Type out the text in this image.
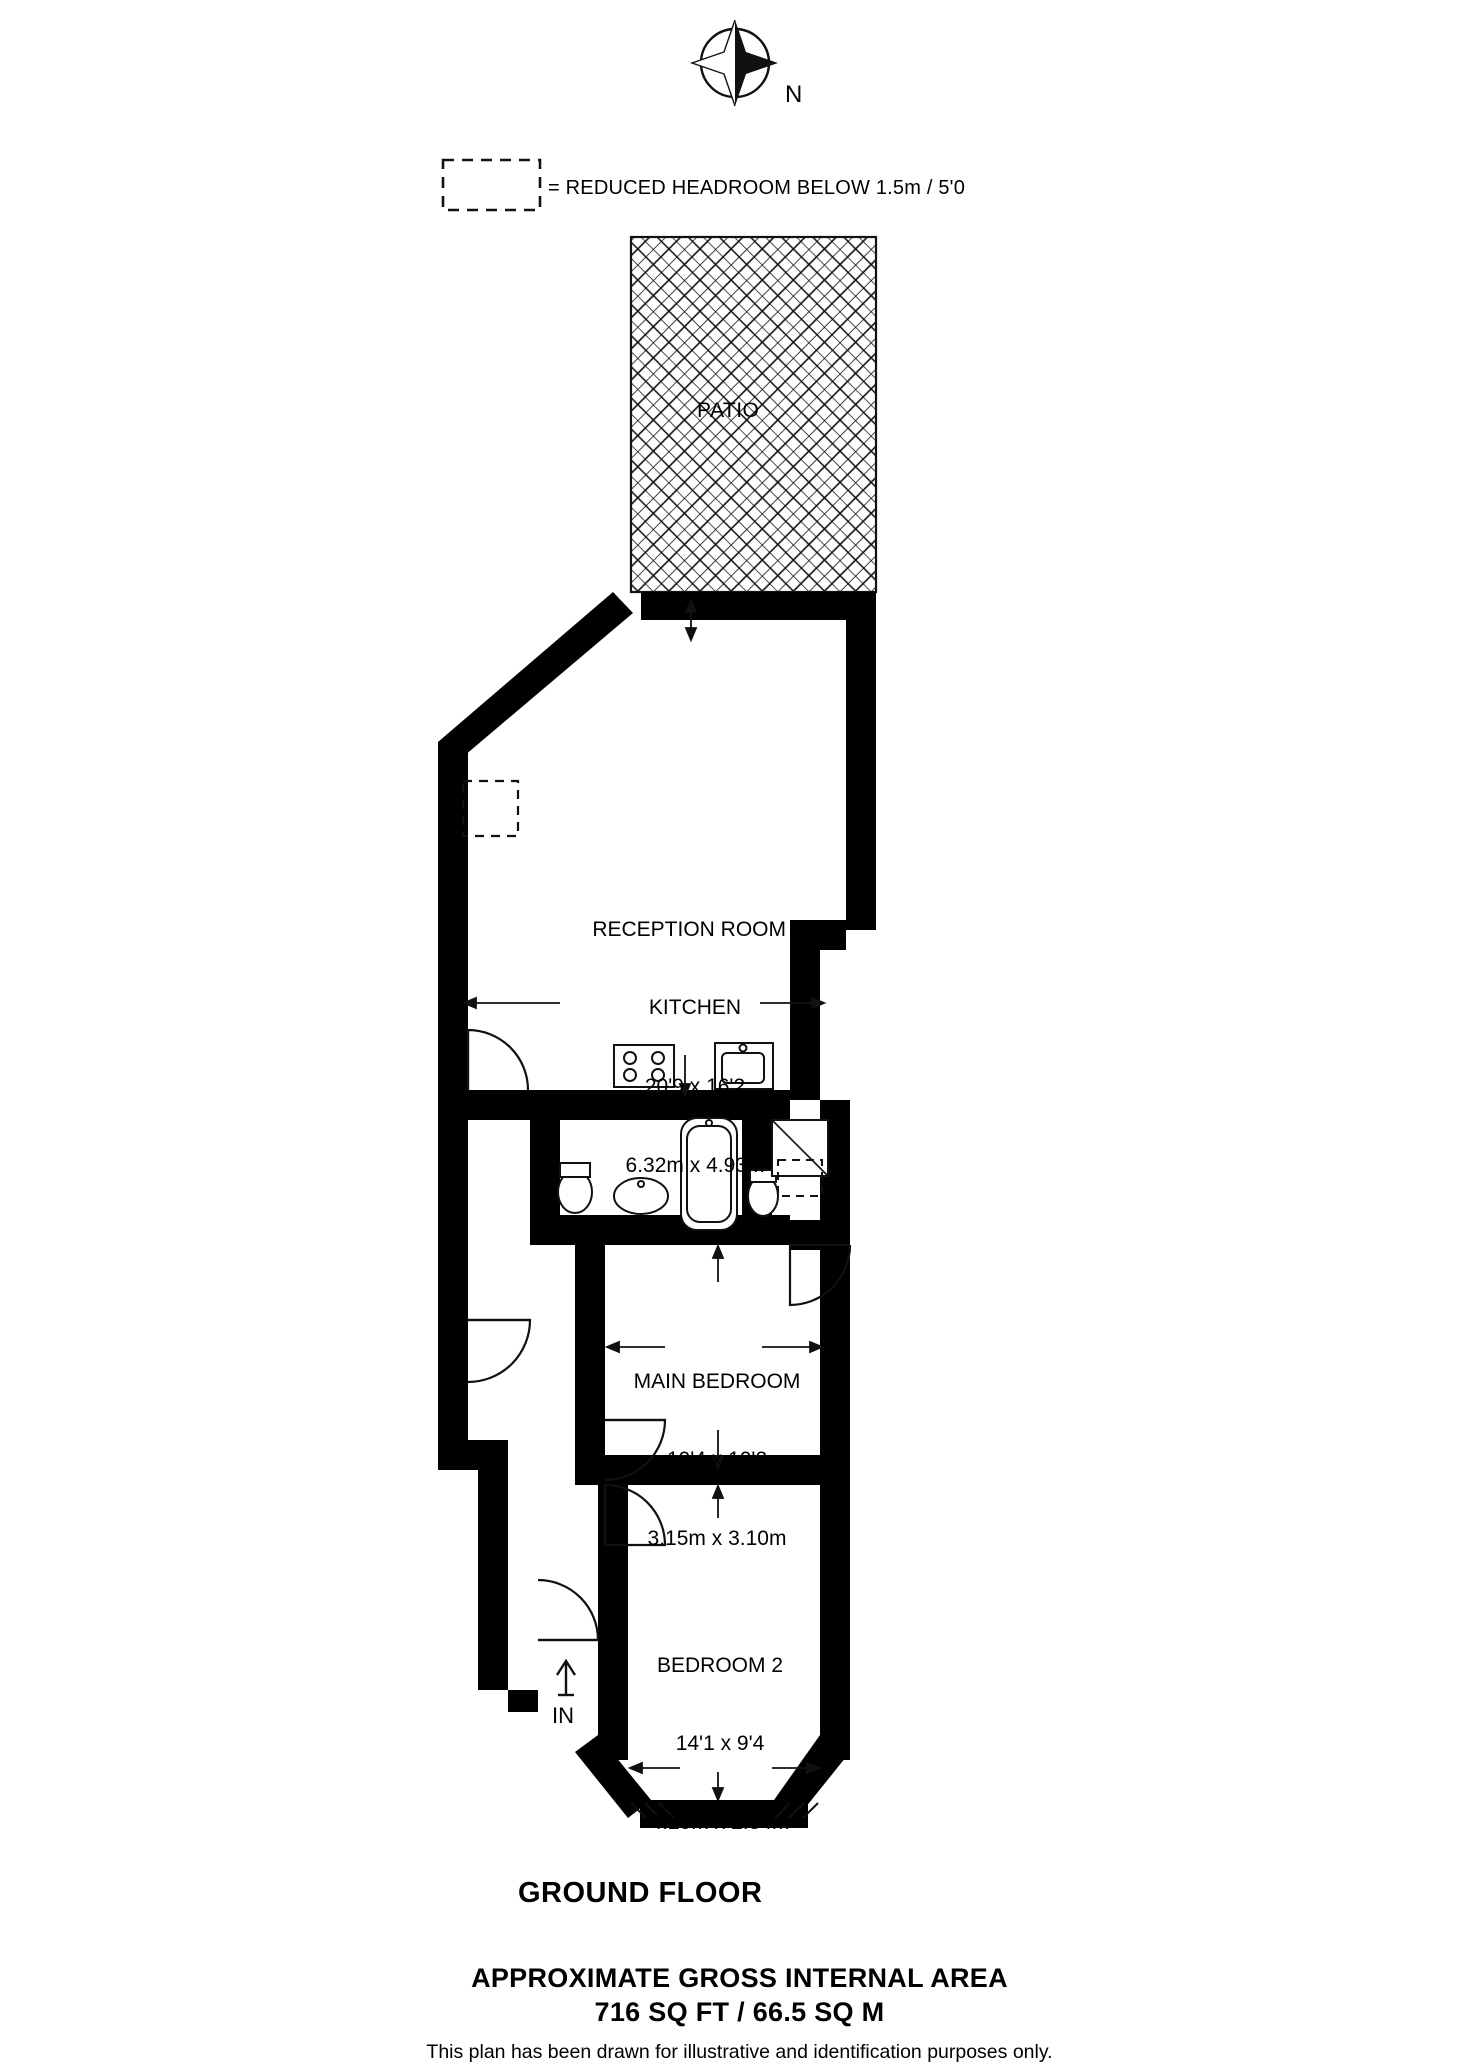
N
= REDUCED HEADROOM BELOW 1.5m / 5'0
PATIO

RECEPTION ROOM /

KITCHEN

20'9 x 16'2

6.32m x 4.93m

MAIN BEDROOM

10'4 x 10'2

3.15m x 3.10m

BEDROOM 2

14'1 x 9'4

4.29m x 2.84m

IN
GROUND FLOOR
APPROXIMATE GROSS INTERNAL AREA
716 SQ FT / 66.5 SQ M
This plan has been drawn for illustrative and identification purposes only.
